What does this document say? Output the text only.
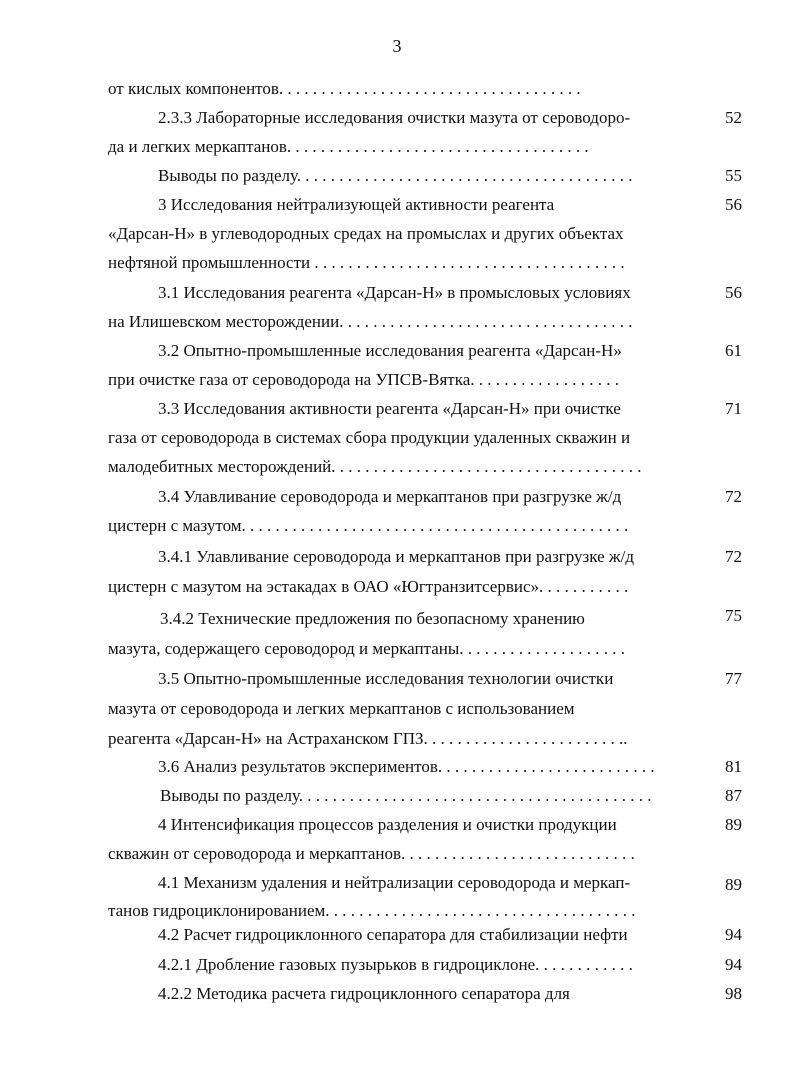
3
от кислых компонентов. . . . . . . . . . . . . . . . . . . . . . . . . . . . . . . . . . . .
2.3.3 Лабораторные исследования очистки мазута от сероводоро-	52
да и легких меркаптанов. . . . . . . . . . . . . . . . . . . . . . . . . . . . . . . . . . . .
Выводы по разделу. . . . . . . . . . . . . . . . . . . . . . . . . . . . . . . . . . . . . . . .	55
3 Исследования нейтрализующей активности реагента	56
«Дарсан-Н» в углеводородных средах на промыслах и других объектах
нефтяной промышленности . . . . . . . . . . . . . . . . . . . . . . . . . . . . . . . . . . . . .
3.1 Исследования реагента «Дарсан-Н» в промысловых условиях	56
на Илишевском месторождении. . . . . . . . . . . . . . . . . . . . . . . . . . . . . . . . . . .
3.2 Опытно-промышленные исследования реагента «Дарсан-Н»	61
при очистке газа от сероводорода на УПСВ-Вятка. . . . . . . . . . . . . . . . . .
3.3 Исследования активности реагента «Дарсан-Н» при очистке	71
газа от сероводорода в системах сбора продукции удаленных скважин и
малодебитных месторождений. . . . . . . . . . . . . . . . . . . . . . . . . . . . . . . . . . . . .
3.4 Улавливание сероводорода и меркаптанов при разгрузке ж/д	72
цистерн с мазутом. . . . . . . . . . . . . . . . . . . . . . . . . . . . . . . . . . . . . . . . . . . . . .
3.4.1 Улавливание сероводорода и меркаптанов при разгрузке ж/д	72
цистерн с мазутом на эстакадах в ОАО «Югтранзитсервис». . . . . . . . . . .
3.4.2 Технические предложения по безопасному хранению	75
мазута, содержащего сероводород и меркаптаны. . . . . . . . . . . . . . . . . . . .
3.5 Опытно-промышленные исследования технологии очистки	77
мазута от сероводорода и легких меркаптанов с использованием
реагента «Дарсан-Н» на Астраханском ГПЗ. . . . . . . . . . . . . . . . . . . . . . . ..
3.6 Анализ результатов экспериментов. . . . . . . . . . . . . . . . . . . . . . . . . .	81
Выводы по разделу. . . . . . . . . . . . . . . . . . . . . . . . . . . . . . . . . . . . . . . . . .	87
4 Интенсификация процессов разделения и очистки продукции	89
скважин от сероводорода и меркаптанов. . . . . . . . . . . . . . . . . . . . . . . . . . . .
4.1 Механизм удаления и нейтрализации сероводорода и меркап-	89
танов гидроциклонированием. . . . . . . . . . . . . . . . . . . . . . . . . . . . . . . . . . . . .
4.2 Расчет гидроциклонного сепаратора для стабилизации нефти	94
4.2.1 Дробление газовых пузырьков в гидроциклоне. . . . . . . . . . . .	94
4.2.2 Методика расчета гидроциклонного сепаратора для	98
